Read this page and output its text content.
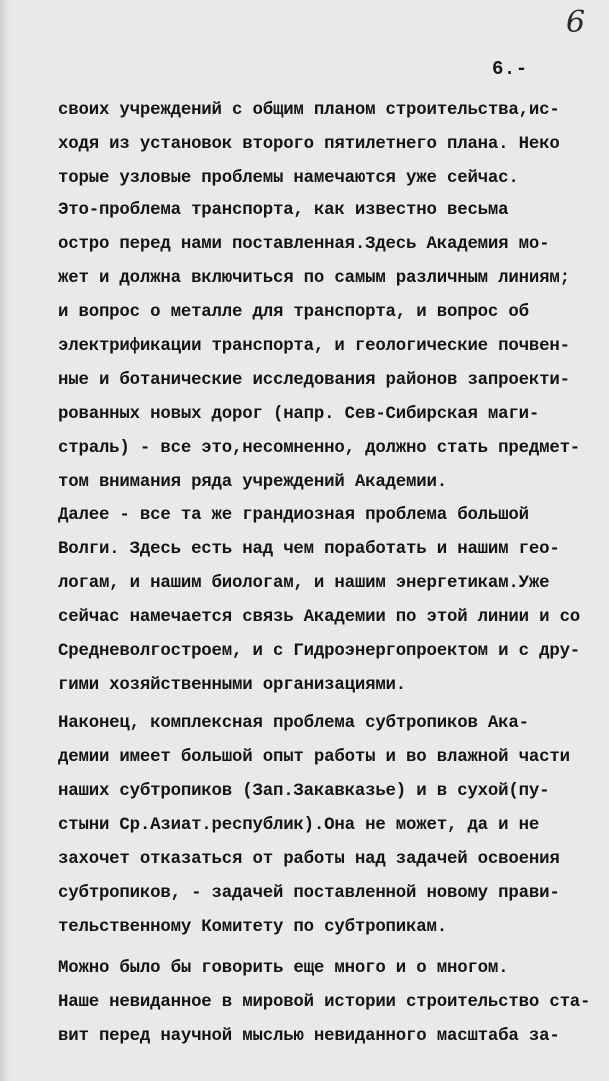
6
6.-
своих учреждений с общим планом строительства,ис-
ходя из установок второго пятилетнего плана. Неко
торые узловые проблемы намечаются уже сейчас.
Это-проблема транспорта, как известно весьма
остро перед нами поставленная.Здесь Академия мо-
жет и должна включиться по самым различным линиям;
и вопрос о металле для транспорта, и вопрос об
электрификации транспорта, и геологические почвен-
ные и ботанические исследования районов запроекти-
рованных новых дорог (напр. Сев-Сибирская маги-
страль) - все это,несомненно, должно стать предмет-
том внимания ряда учреждений Академии.
Далее - все та же грандиозная проблема большой
Волги. Здесь есть над чем поработать и нашим гео-
логам, и нашим биологам, и нашим энергетикам.Уже
сейчас намечается связь Академии по этой линии и со
Средневолгостроем, и с Гидроэнергопроектом и с дру-
гими хозяйственными организациями.
Наконец, комплексная проблема субтропиков Ака-
демии имеет большой опыт работы и во влажной части
наших субтропиков (Зап.Закавказье) и в сухой(пу-
стыни Ср.Азиат.республик).Она не может, да и не
захочет отказаться от работы над задачей освоения
субтропиков, - задачей поставленной новому прави-
тельственному Комитету по субтропикам.
Можно было бы говорить еще много и о многом.
Наше невиданное в мировой истории строительство ста-
вит перед научной мыслью невиданного масштаба за-
